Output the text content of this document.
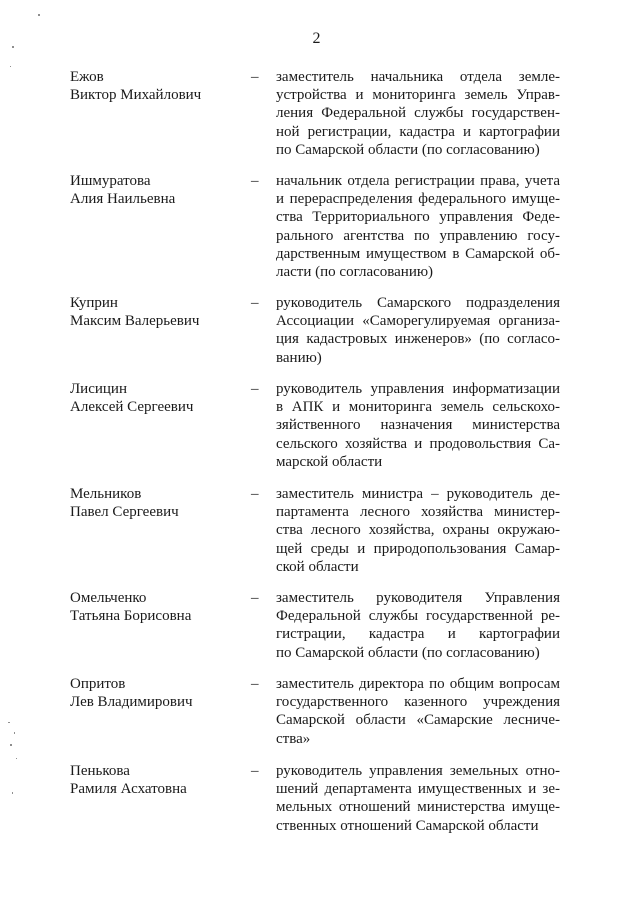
2
Ежов
Виктор Михайлович
– заместитель начальника отдела земле-
устройства и мониторинга земель Управ-
ления Федеральной службы государствен-
ной регистрации, кадастра и картографии
по Самарской области (по согласованию)
Ишмуратова
Алия Наильевна
– начальник отдела регистрации права, учета
и перераспределения федерального имуще-
ства Территориального управления Феде-
рального агентства по управлению госу-
дарственным имуществом в Самарской об-
ласти (по согласованию)
Куприн
Максим Валерьевич
– руководитель Самарского подразделения
Ассоциации «Саморегулируемая организа-
ция кадастровых инженеров» (по согласо-
ванию)
Лисицин
Алексей Сергеевич
– руководитель управления информатизации
в АПК и мониторинга земель сельскохо-
зяйственного назначения министерства
сельского хозяйства и продовольствия Са-
марской области
Мельников
Павел Сергеевич
– заместитель министра – руководитель де-
партамента лесного хозяйства министер-
ства лесного хозяйства, охраны окружаю-
щей среды и природопользования Самар-
ской области
Омельченко
Татьяна Борисовна
– заместитель руководителя Управления
Федеральной службы государственной ре-
гистрации, кадастра и картографии
по Самарской области (по согласованию)
Опритов
Лев Владимирович
– заместитель директора по общим вопросам
государственного казенного учреждения
Самарской области «Самарские лесниче-
ства»
Пенькова
Рамиля Асхатовна
– руководитель управления земельных отно-
шений департамента имущественных и зе-
мельных отношений министерства имуще-
ственных отношений Самарской области
